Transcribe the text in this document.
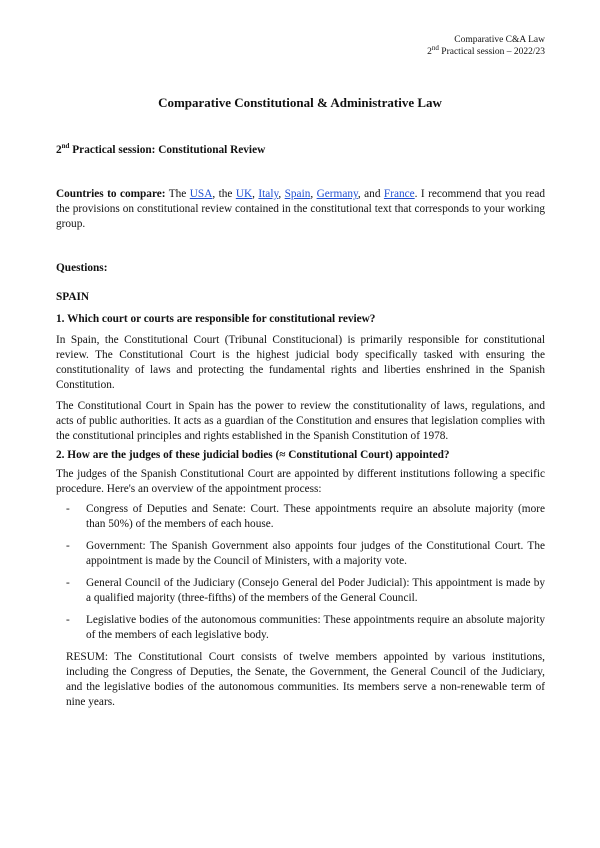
Comparative C&A Law
2nd Practical session – 2022/23
Comparative Constitutional & Administrative Law

2nd Practical session: Constitutional Review

Countries to compare: The USA, the UK, Italy, Spain, Germany, and France. I recommend that you read the provisions on constitutional review contained in the constitutional text that corresponds to your working group.

Questions:

SPAIN

1. Which court or courts are responsible for constitutional review?

In Spain, the Constitutional Court (Tribunal Constitucional) is primarily responsible for constitutional review. The Constitutional Court is the highest judicial body specifically tasked with ensuring the constitutionality of laws and protecting the fundamental rights and liberties enshrined in the Spanish Constitution.

The Constitutional Court in Spain has the power to review the constitutionality of laws, regulations, and acts of public authorities. It acts as a guardian of the Constitution and ensures that legislation complies with the constitutional principles and rights established in the Spanish Constitution of 1978.

2. How are the judges of these judicial bodies (≈ Constitutional Court) appointed?

The judges of the Spanish Constitutional Court are appointed by different institutions following a specific procedure. Here's an overview of the appointment process:

- Congress of Deputies and Senate: Court. These appointments require an absolute majority (more than 50%) of the members of each house.
- Government: The Spanish Government also appoints four judges of the Constitutional Court. The appointment is made by the Council of Ministers, with a majority vote.
- General Council of the Judiciary (Consejo General del Poder Judicial): This appointment is made by a qualified majority (three-fifths) of the members of the General Council.
- Legislative bodies of the autonomous communities: These appointments require an absolute majority of the members of each legislative body.

RESUM: The Constitutional Court consists of twelve members appointed by various institutions, including the Congress of Deputies, the Senate, the Government, the General Council of the Judiciary, and the legislative bodies of the autonomous communities. Its members serve a non-renewable term of nine years.
